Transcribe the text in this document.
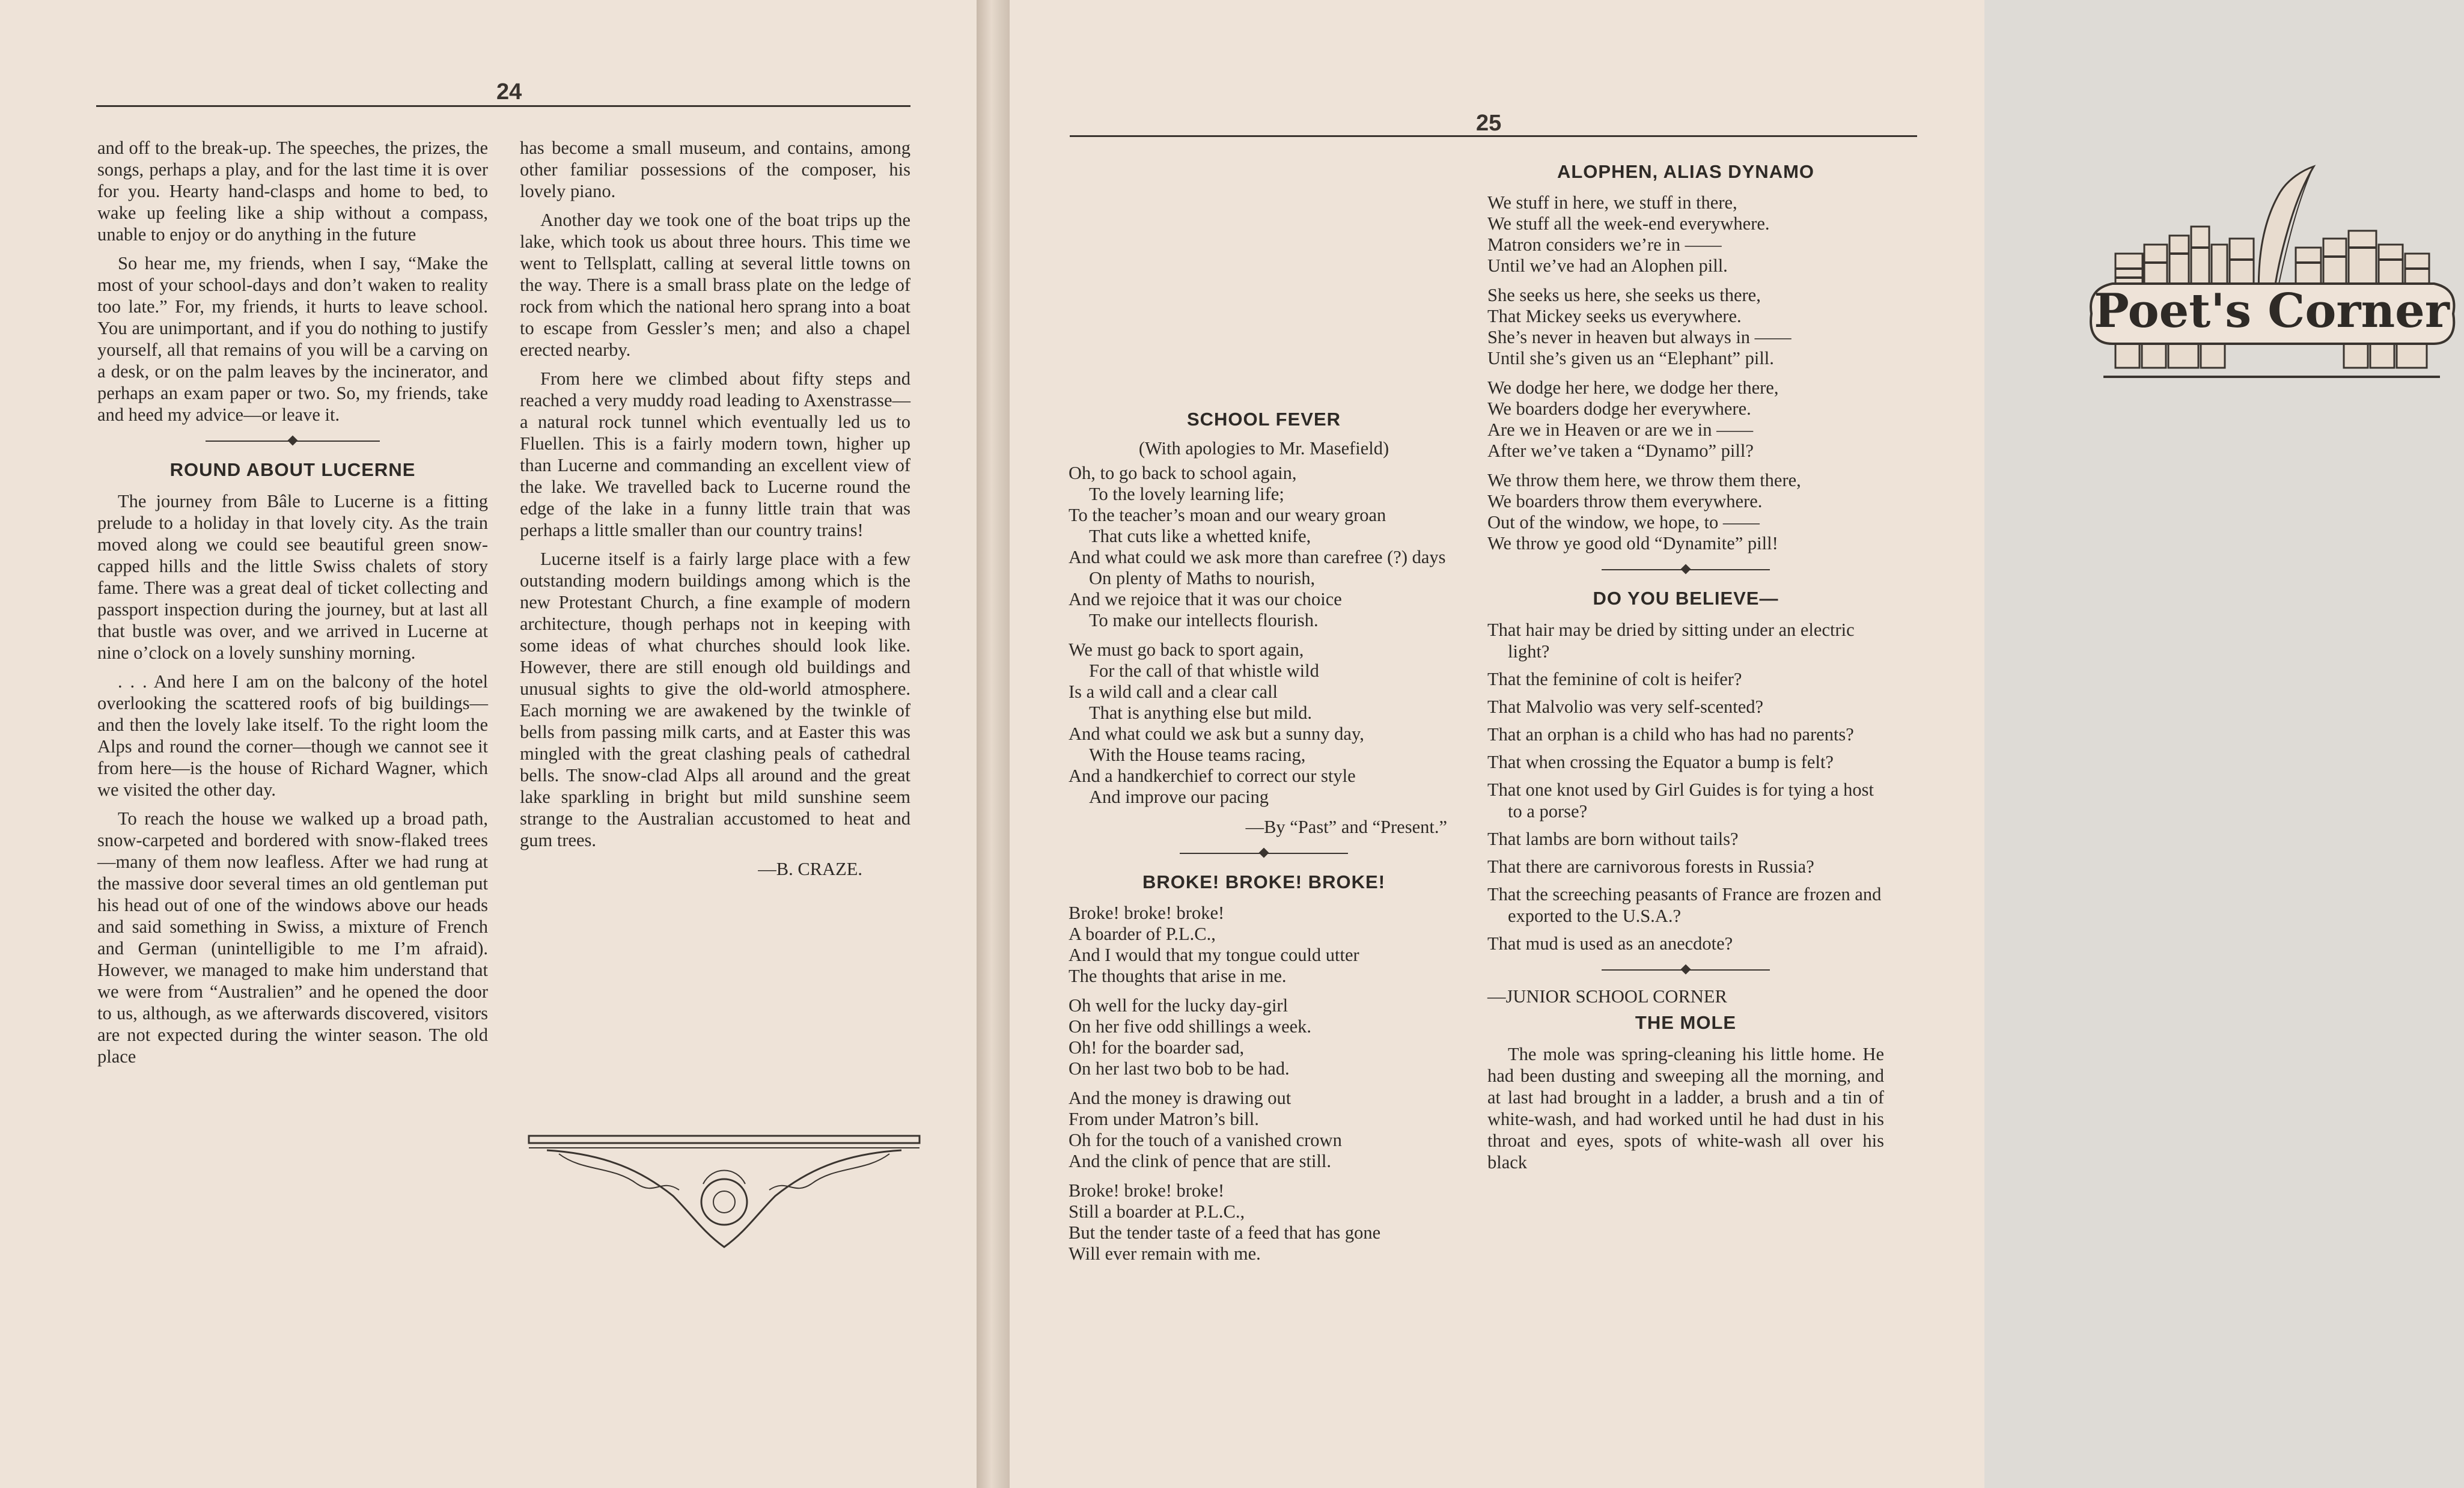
24

and off to the break-up. The speeches, the prizes, the songs, perhaps a play, and for the last time it is over for you. Hearty hand-clasps and home to bed, to wake up feeling like a ship without a compass, unable to enjoy or do anything in the future

So hear me, my friends, when I say, “Make the most of your school-days and don’t waken to reality too late.” For, my friends, it hurts to leave school. You are unimportant, and if you do nothing to justify yourself, all that remains of you will be a carving on a desk, or on the palm leaves by the incinerator, and perhaps an exam paper or two. So, my friends, take and heed my advice—or leave it.

ROUND ABOUT LUCERNE

The journey from Bâle to Lucerne is a fitting prelude to a holiday in that lovely city. As the train moved along we could see beautiful green snow-capped hills and the little Swiss chalets of story fame. There was a great deal of ticket collecting and passport inspection during the journey, but at last all that bustle was over, and we arrived in Lucerne at nine o’clock on a lovely sunshiny morning.

. . . And here I am on the balcony of the hotel overlooking the scattered roofs of big buildings—and then the lovely lake itself. To the right loom the Alps and round the corner—though we cannot see it from here—is the house of Richard Wagner, which we visited the other day.

To reach the house we walked up a broad path, snow-carpeted and bordered with snow-flaked trees—many of them now leafless. After we had rung at the massive door several times an old gentleman put his head out of one of the windows above our heads and said something in Swiss, a mixture of French and German (unintelligible to me I’m afraid). However, we managed to make him understand that we were from “Australien” and he opened the door to us, although, as we afterwards discovered, visitors are not expected during the winter season. The old place

has become a small museum, and contains, among other familiar possessions of the composer, his lovely piano.

Another day we took one of the boat trips up the lake, which took us about three hours. This time we went to Tellsplatt, calling at several little towns on the way. There is a small brass plate on the ledge of rock from which the national hero sprang into a boat to escape from Gessler’s men; and also a chapel erected nearby.

From here we climbed about fifty steps and reached a very muddy road leading to Axenstrasse—a natural rock tunnel which eventually led us to Fluellen. This is a fairly modern town, higher up than Lucerne and commanding an excellent view of the lake. We travelled back to Lucerne round the edge of the lake in a funny little train that was perhaps a little smaller than our country trains!

Lucerne itself is a fairly large place with a few outstanding modern buildings among which is the new Protestant Church, a fine example of modern architecture, though perhaps not in keeping with some ideas of what churches should look like. However, there are still enough old buildings and unusual sights to give the old-world atmosphere. Each morning we are awakened by the twinkle of bells from passing milk carts, and at Easter this was mingled with the great clashing peals of cathedral bells. The snow-clad Alps all around and the great lake sparkling in bright but mild sunshine seem strange to the Australian accustomed to heat and gum trees.

—B. CRAZE.
25
SCHOOL FEVER
(With apologies to Mr. Masefield)
Oh, to go back to school again,
To the lovely learning life;
To the teacher’s moan and our weary groan
That cuts like a whetted knife,
And what could we ask more than carefree (?) days
On plenty of Maths to nourish,
And we rejoice that it was our choice
To make our intellects flourish.
We must go back to sport again,
For the call of that whistle wild
Is a wild call and a clear call
That is anything else but mild.
And what could we ask but a sunny day,
With the House teams racing,
And a handkerchief to correct our style
And improve our pacing
—By “Past” and “Present.”
BROKE! BROKE! BROKE!
Broke! broke! broke!
A boarder of P.L.C.,
And I would that my tongue could utter
The thoughts that arise in me.
Oh well for the lucky day-girl
On her five odd shillings a week.
Oh! for the boarder sad,
On her last two bob to be had.
And the money is drawing out
From under Matron’s bill.
Oh for the touch of a vanished crown
And the clink of pence that are still.
Broke! broke! broke!
Still a boarder at P.L.C.,
But the tender taste of a feed that has gone
Will ever remain with me.
ALOPHEN, ALIAS DYNAMO
We stuff in here, we stuff in there,
We stuff all the week-end everywhere.
Matron considers we’re in ——
Until we’ve had an Alophen pill.
She seeks us here, she seeks us there,
That Mickey seeks us everywhere.
She’s never in heaven but always in ——
Until she’s given us an “Elephant” pill.
We dodge her here, we dodge her there,
We boarders dodge her everywhere.
Are we in Heaven or are we in ——
After we’ve taken a “Dynamo” pill?
We throw them here, we throw them there,
We boarders throw them everywhere.
Out of the window, we hope, to ——
We throw ye good old “Dynamite” pill!
DO YOU BELIEVE—
That hair may be dried by sitting under an electric light?
That the feminine of colt is heifer?
That Malvolio was very self-scented?
That an orphan is a child who has had no parents?
That when crossing the Equator a bump is felt?
That one knot used by Girl Guides is for tying a host to a porse?
That lambs are born without tails?
That there are carnivorous forests in Russia?
That the screeching peasants of France are frozen and exported to the U.S.A.?
That mud is used as an anecdote?
—JUNIOR SCHOOL CORNER
THE MOLE

The mole was spring-cleaning his little home. He had been dusting and sweeping all the morning, and at last had brought in a ladder, a brush and a tin of white-wash, and had worked until he had dust in his throat and eyes, spots of white-wash all over his black

Poet's Corner
